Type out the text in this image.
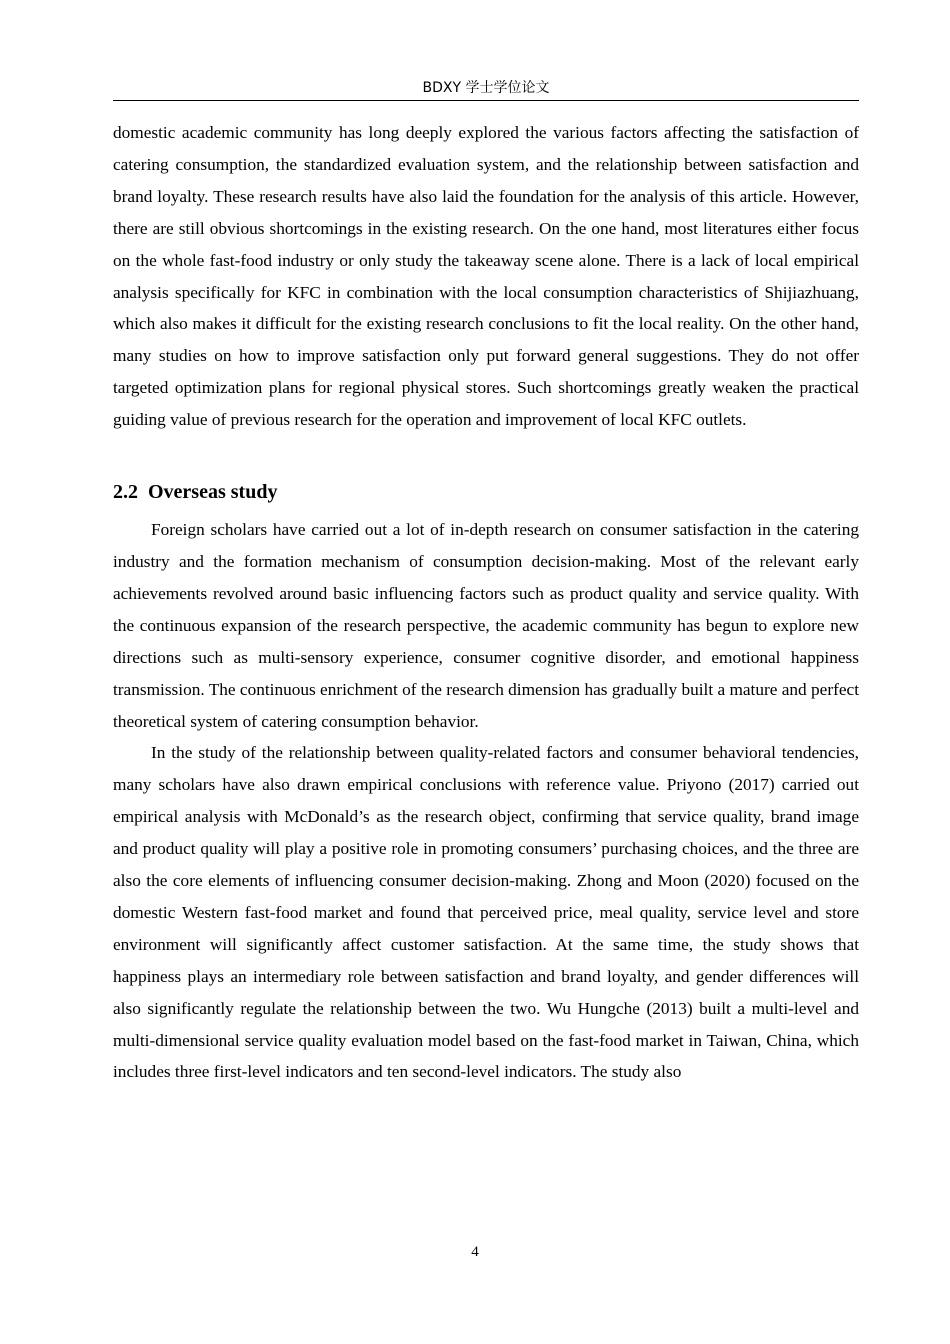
BDXY 学士学位论文

domestic academic community has long deeply explored the various factors affecting the satisfaction of catering consumption, the standardized evaluation system, and the relationship between satisfaction and brand loyalty. These research results have also laid the foundation for the analysis of this article. However, there are still obvious shortcomings in the existing research. On the one hand, most literatures either focus on the whole fast-food industry or only study the takeaway scene alone. There is a lack of local empirical analysis specifically for KFC in combination with the local consumption characteristics of Shijiazhuang, which also makes it difficult for the existing research conclusions to fit the local reality. On the other hand, many studies on how to improve satisfaction only put forward general suggestions. They do not offer targeted optimization plans for regional physical stores. Such shortcomings greatly weaken the practical guiding value of previous research for the operation and improvement of local KFC outlets.

2.2 Overseas study

Foreign scholars have carried out a lot of in-depth research on consumer satisfaction in the catering industry and the formation mechanism of consumption decision-making. Most of the relevant early achievements revolved around basic influencing factors such as product quality and service quality. With the continuous expansion of the research perspective, the academic community has begun to explore new directions such as multi-sensory experience, consumer cognitive disorder, and emotional happiness transmission. The continuous enrichment of the research dimension has gradually built a mature and perfect theoretical system of catering consumption behavior.

In the study of the relationship between quality-related factors and consumer behavioral tendencies, many scholars have also drawn empirical conclusions with reference value. Priyono (2017) carried out empirical analysis with McDonald’s as the research object, confirming that service quality, brand image and product quality will play a positive role in promoting consumers’ purchasing choices, and the three are also the core elements of influencing consumer decision-making. Zhong and Moon (2020) focused on the domestic Western fast-food market and found that perceived price, meal quality, service level and store environment will significantly affect customer satisfaction. At the same time, the study shows that happiness plays an intermediary role between satisfaction and brand loyalty, and gender differences will also significantly regulate the relationship between the two. Wu Hungche (2013) built a multi-level and multi-dimensional service quality evaluation model based on the fast-food market in Taiwan, China, which includes three first-level indicators and ten second-level indicators. The study also

4
